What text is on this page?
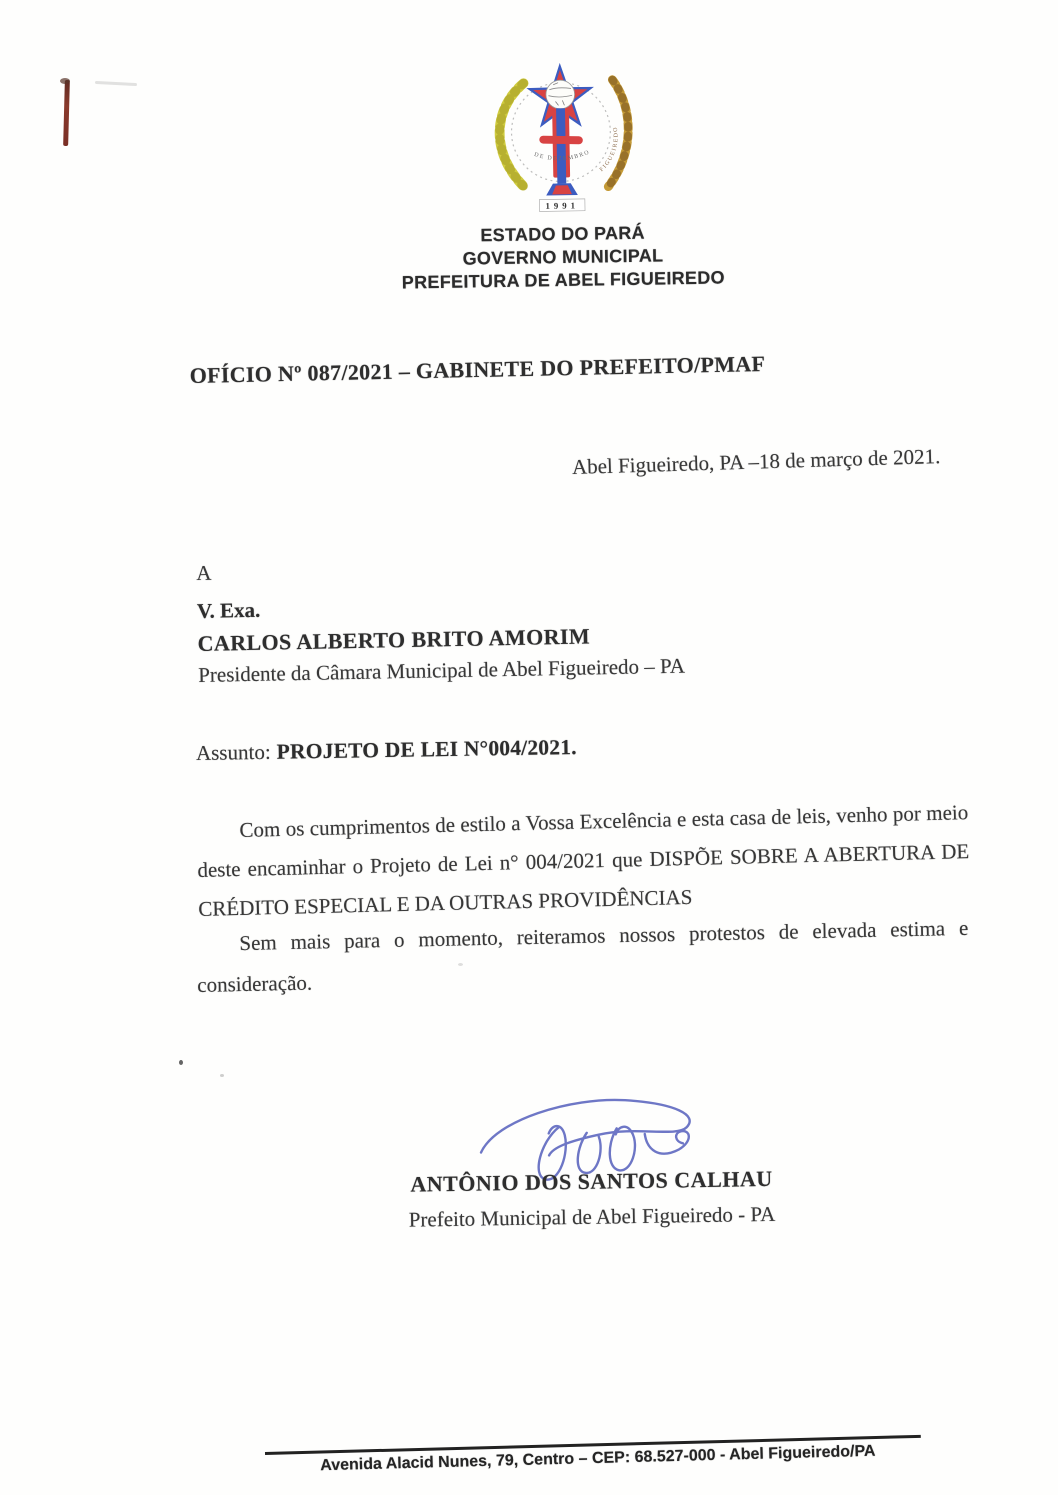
DE DEZEMBRO
FIGUEIREDO
1991
ESTADO DO PARÁ
GOVERNO MUNICIPAL
PREFEITURA DE ABEL FIGUEIREDO
OFÍCIO Nº 087/2021 – GABINETE DO PREFEITO/PMAF
Abel Figueiredo, PA –18 de março de 2021.
A
V. Exa.
CARLOS ALBERTO BRITO AMORIM
Presidente da Câmara Municipal de Abel Figueiredo – PA
Assunto: PROJETO DE LEI N°004/2021.
Com os cumprimentos de estilo a Vossa Excelência e esta casa de leis, venho por meio deste encaminhar o Projeto de Lei n° 004/2021 que DISPÕE SOBRE A ABERTURA DE CRÉDITO ESPECIAL E DA OUTRAS PROVIDÊNCIAS
Sem mais para o momento, reiteramos nossos protestos de elevada estima e consideração.
ANTÔNIO DOS SANTOS CALHAU
Prefeito Municipal de Abel Figueiredo - PA
Avenida Alacid Nunes, 79, Centro – CEP: 68.527-000 - Abel Figueiredo/PA
